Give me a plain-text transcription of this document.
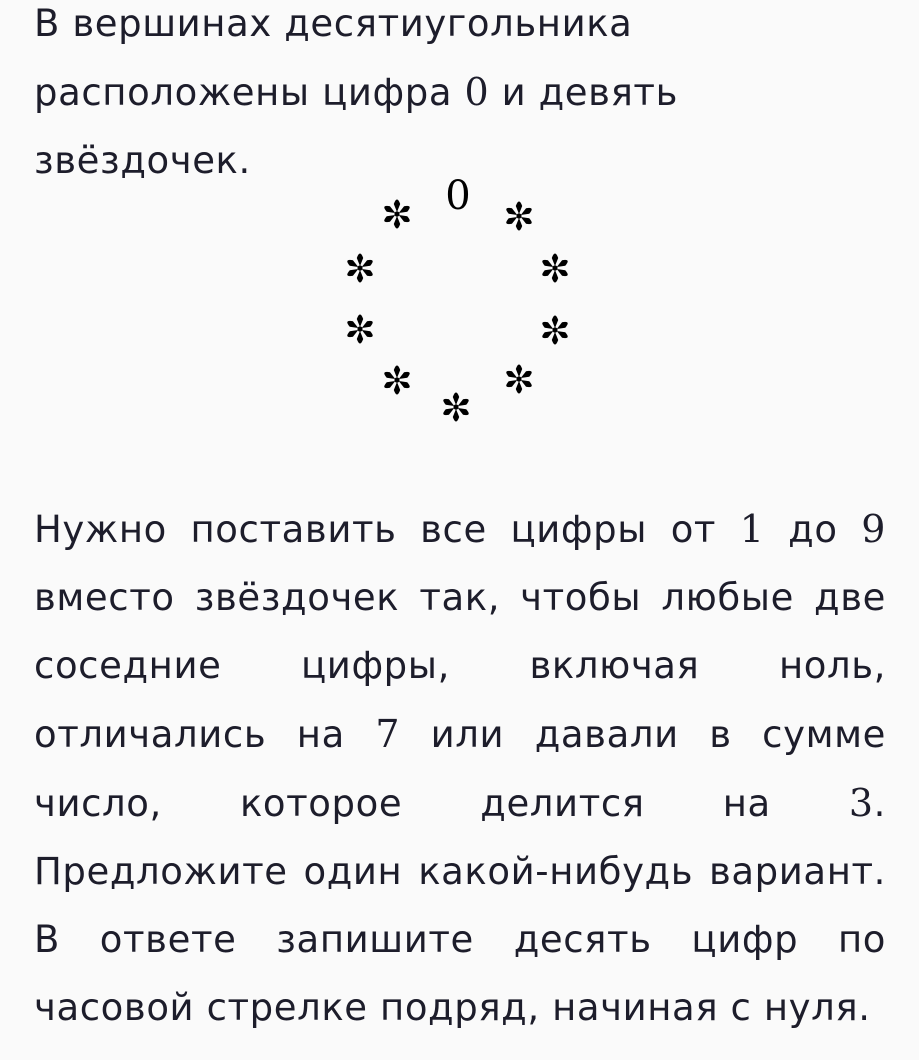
В вершинах десятиугольника расположены цифра 0 и девять звёздочек.

0

Нужно поставить все цифры от 1 до 9 вместо звёздочек так, чтобы любые две соседние цифры, включая ноль, отличались на 7 или давали в сумме число, которое делится на 3. Предложите один какой-нибудь вариант. В ответе запишите десять цифр по часовой стрелке подряд, начиная с нуля.
